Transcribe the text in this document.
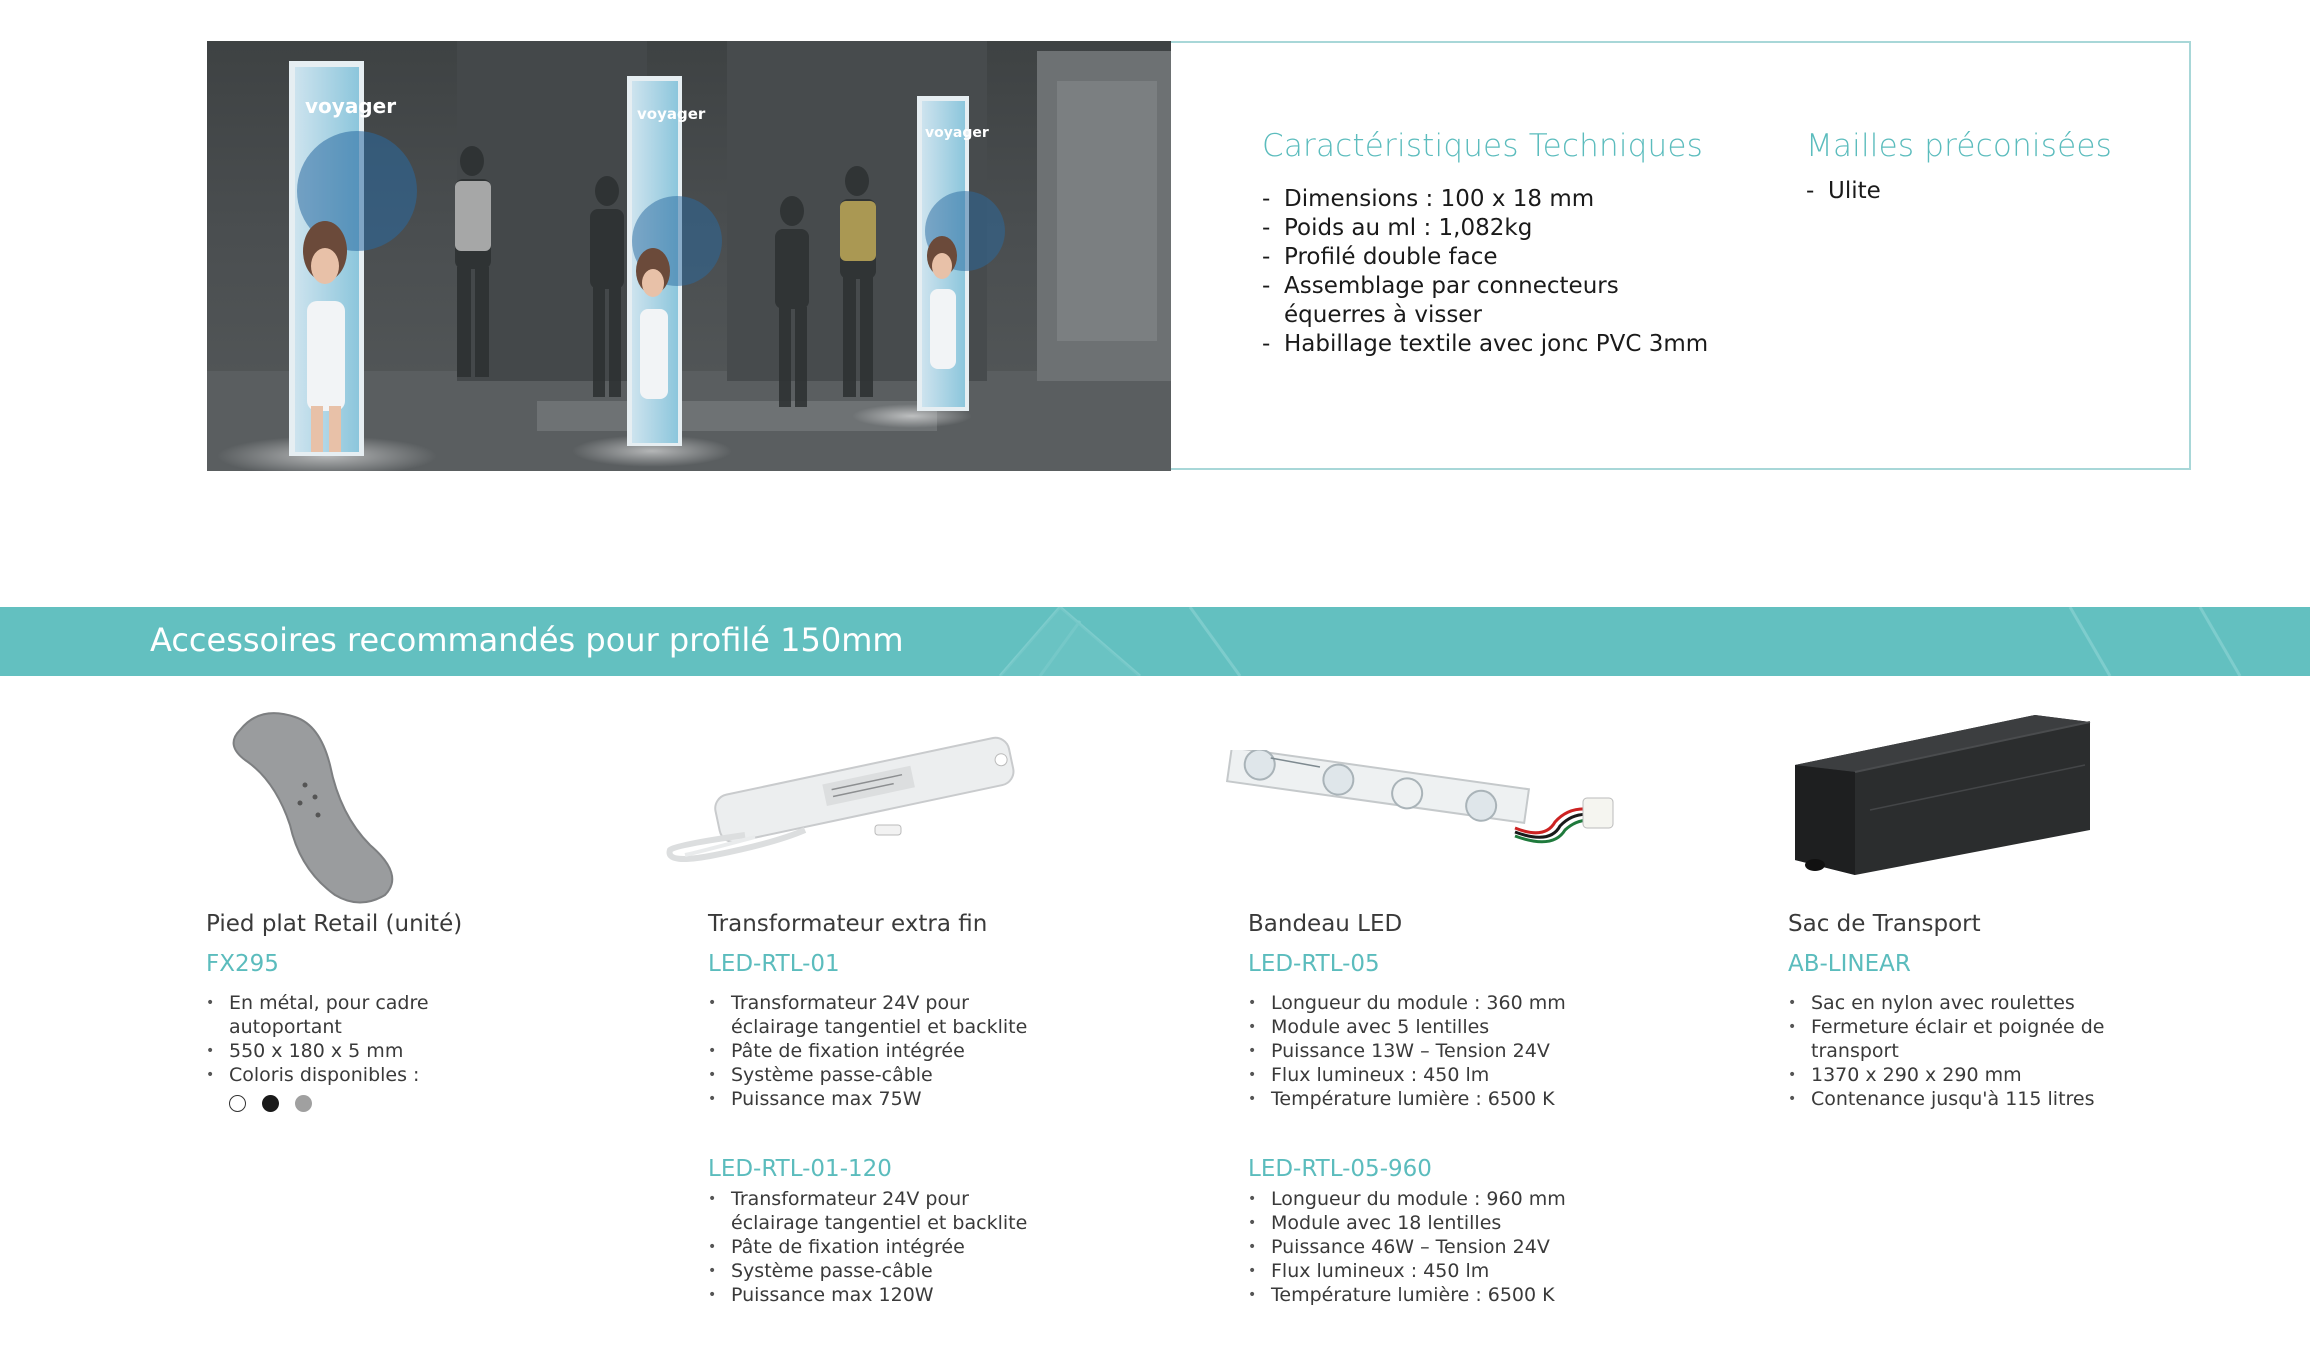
voyager	voyager
voyager	Caractéristiques Techniques
- Dimensions : 100 x 18 mm
- Poids au ml : 1,082kg
- Profilé double face
- Assemblage par connecteurs équerres à visser
- Habillage textile avec jonc PVC 3mm
Mailles préconisées
- Ulite
Accessoires recommandés pour profilé 150mm
Pied plat Retail (unité)
FX295
• En métal, pour cadre autoportant
• 550 x 180 x 5 mm
• Coloris disponibles :
Transformateur extra fin
LED-RTL-01
• Transformateur 24V pour éclairage tangentiel et backlite
• Pâte de fixation intégrée
• Système passe-câble
• Puissance max 75W
LED-RTL-01-120
• Transformateur 24V pour éclairage tangentiel et backlite
• Pâte de fixation intégrée
• Système passe-câble
• Puissance max 120W
Bandeau LED
LED-RTL-05
• Longueur du module : 360 mm
• Module avec 5 lentilles
• Puissance 13W – Tension 24V
• Flux lumineux : 450 lm
• Température lumière : 6500 K
LED-RTL-05-960
• Longueur du module : 960 mm
• Module avec 18 lentilles
• Puissance 46W – Tension 24V
• Flux lumineux : 450 lm
• Température lumière : 6500 K
Sac de Transport
AB-LINEAR
• Sac en nylon avec roulettes
• Fermeture éclair et poignée de transport
• 1370 x 290 x 290 mm
• Contenance jusqu'à 115 litres
